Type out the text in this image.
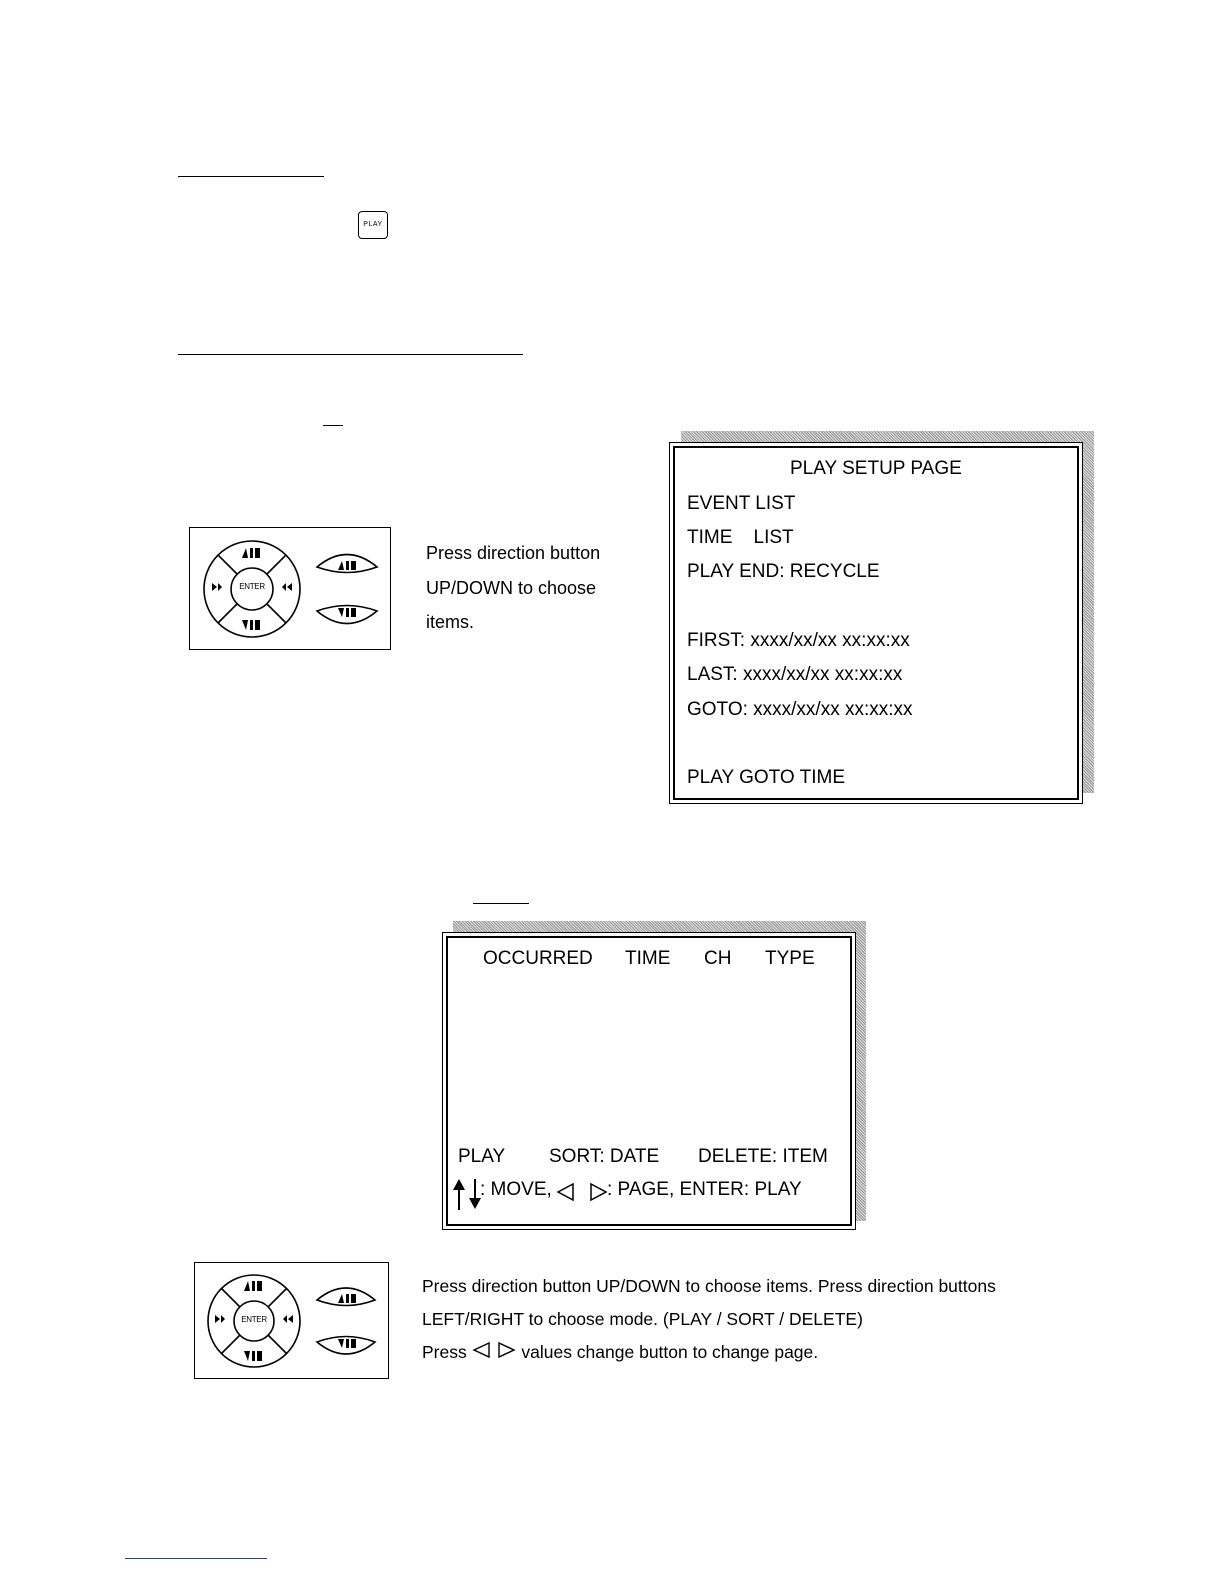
PLAY
ENTER
Press direction button
UP/DOWN to choose
items.
PLAY SETUP PAGE
EVENT LIST
TIME    LIST
PLAY END: RECYCLE
FIRST: xxxx/xx/xx xx:xx:xx
LAST: xxxx/xx/xx xx:xx:xx
GOTO: xxxx/xx/xx xx:xx:xx
PLAY GOTO TIME
OCCURRED TIME CH TYPE
PLAY SORT: DATE DELETE: ITEM
: MOVE,	: PAGE, ENTER: PLAY
ENTER
Press direction button UP/DOWN to choose items. Press direction buttons
LEFT/RIGHT to choose mode. (PLAY / SORT / DELETE)
Press	values change button to change page.
